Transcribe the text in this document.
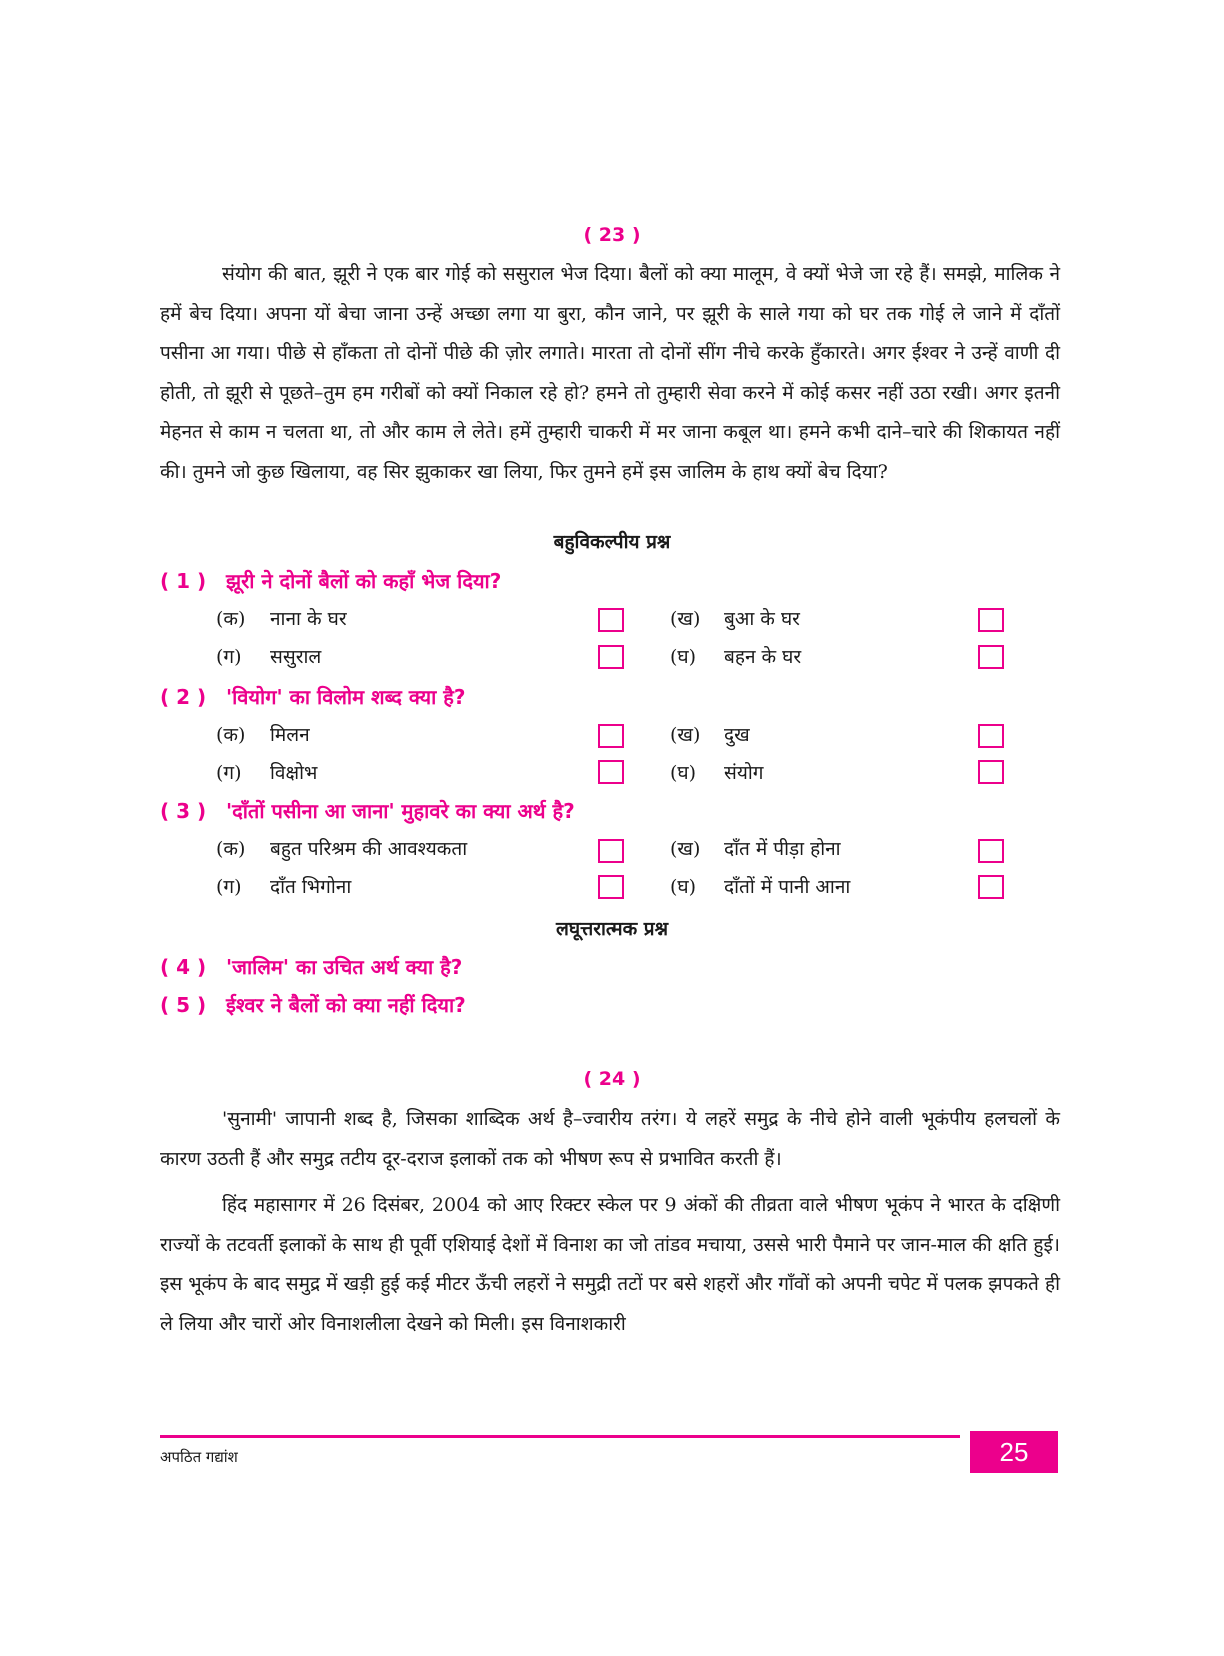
( 23 )

संयोग की बात, झूरी ने एक बार गोई को ससुराल भेज दिया। बैलों को क्या मालूम, वे क्यों भेजे जा रहे हैं। समझे, मालिक ने हमें बेच दिया। अपना यों बेचा जाना उन्हें अच्छा लगा या बुरा, कौन जाने, पर झूरी के साले गया को घर तक गोई ले जाने में दाँतों पसीना आ गया। पीछे से हाँकता तो दोनों पीछे की ज़ोर लगाते। मारता तो दोनों सींग नीचे करके हुँकारते। अगर ईश्वर ने उन्हें वाणी दी होती, तो झूरी से पूछते–तुम हम गरीबों को क्यों निकाल रहे हो? हमने तो तुम्हारी सेवा करने में कोई कसर नहीं उठा रखी। अगर इतनी मेहनत से काम न चलता था, तो और काम ले लेते। हमें तुम्हारी चाकरी में मर जाना कबूल था। हमने कभी दाने–चारे की शिकायत नहीं की। तुमने जो कुछ खिलाया, वह सिर झुकाकर खा लिया, फिर तुमने हमें इस जालिम के हाथ क्यों बेच दिया?

बहुविकल्पीय प्रश्न
( 1 ) झूरी ने दोनों बैलों को कहाँ भेज दिया?
(क) नाना के घर	(ख) बुआ के घर
(ग) ससुराल	(घ) बहन के घर
( 2 ) 'वियोग' का विलोम शब्द क्या है?
(क) मिलन	(ख) दुख
(ग) विक्षोभ	(घ) संयोग
( 3 ) 'दाँतों पसीना आ जाना' मुहावरे का क्या अर्थ है?
(क) बहुत परिश्रम की आवश्यकता	(ख) दाँत में पीड़ा होना
(ग) दाँत भिगोना	(घ) दाँतों में पानी आना
लघूत्तरात्मक प्रश्न
( 4 ) 'जालिम' का उचित अर्थ क्या है?
( 5 ) ईश्वर ने बैलों को क्या नहीं दिया?
( 24 )

'सुनामी' जापानी शब्द है, जिसका शाब्दिक अर्थ है–ज्वारीय तरंग। ये लहरें समुद्र के नीचे होने वाली भूकंपीय हलचलों के कारण उठती हैं और समुद्र तटीय दूर-दराज इलाकों तक को भीषण रूप से प्रभावित करती हैं।

हिंद महासागर में 26 दिसंबर, 2004 को आए रिक्टर स्केल पर 9 अंकों की तीव्रता वाले भीषण भूकंप ने भारत के दक्षिणी राज्यों के तटवर्ती इलाकों के साथ ही पूर्वी एशियाई देशों में विनाश का जो तांडव मचाया, उससे भारी पैमाने पर जान-माल की क्षति हुई। इस भूकंप के बाद समुद्र में खड़ी हुई कई मीटर ऊँची लहरों ने समुद्री तटों पर बसे शहरों और गाँवों को अपनी चपेट में पलक झपकते ही ले लिया और चारों ओर विनाशलीला देखने को मिली। इस विनाशकारी

अपठित गद्यांश	25
